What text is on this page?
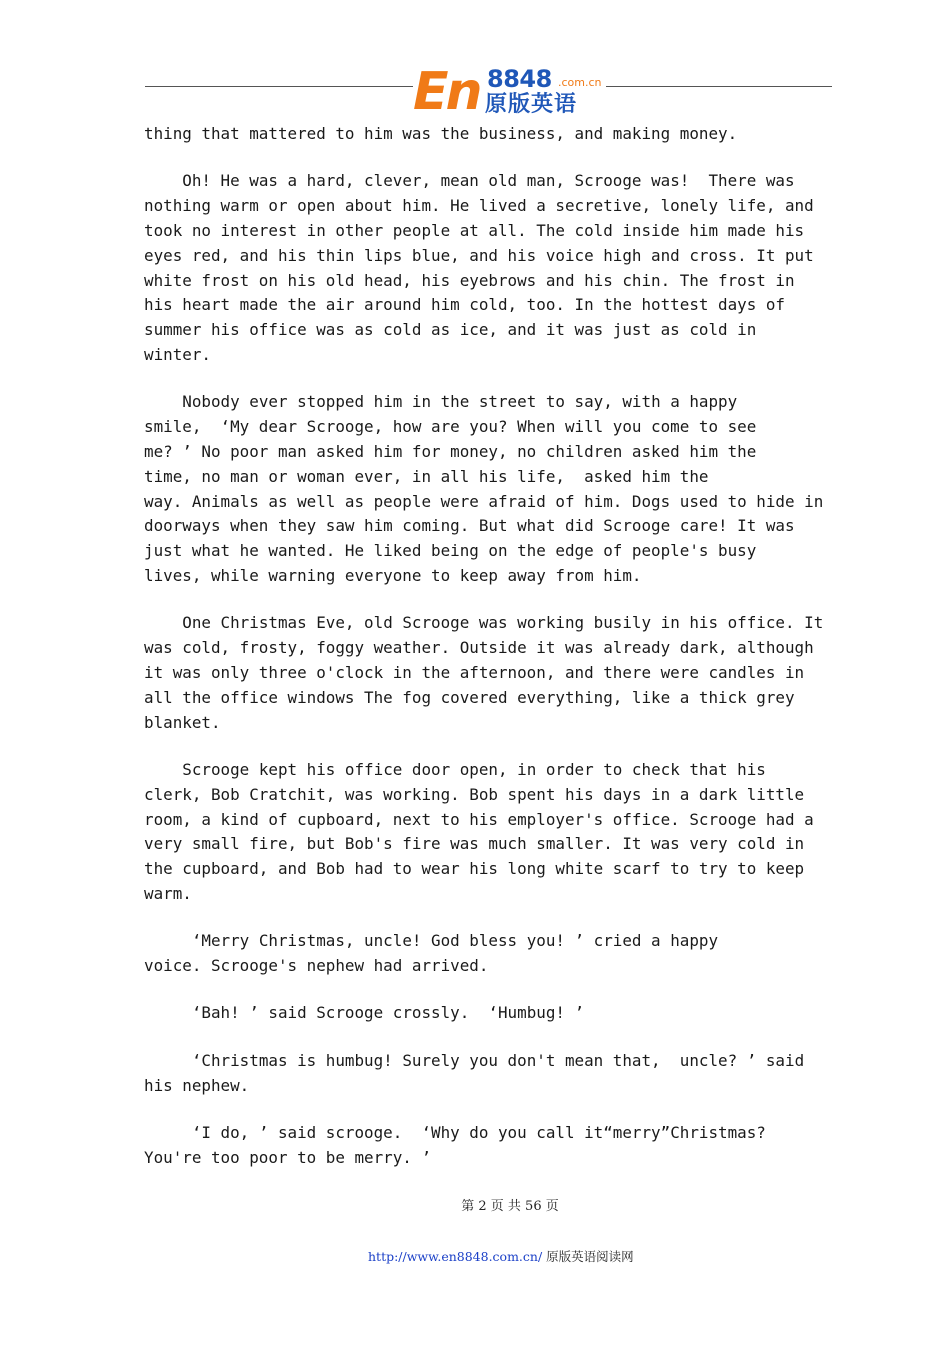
En 8848 .com.cn
原版英语

thing that mattered to him was the business, and making money.

Oh! He was a hard, clever, mean old man, Scrooge was!  There was
nothing warm or open about him. He lived a secretive, lonely life, and
took no interest in other people at all. The cold inside him made his
eyes red, and his thin lips blue, and his voice high and cross. It put
white frost on his old head, his eyebrows and his chin. The frost in
his heart made the air around him cold, too. In the hottest days of
summer his office was as cold as ice, and it was just as cold in
winter.

Nobody ever stopped him in the street to say, with a happy
smile,  ‘My dear Scrooge, how are you? When will you come to see
me? ’ No poor man asked him for money, no children asked him the
time, no man or woman ever, in all his life,  asked him the
way. Animals as well as people were afraid of him. Dogs used to hide in
doorways when they saw him coming. But what did Scrooge care! It was
just what he wanted. He liked being on the edge of people's busy
lives, while warning everyone to keep away from him.

One Christmas Eve, old Scrooge was working busily in his office. It
was cold, frosty, foggy weather. Outside it was already dark, although
it was only three o'clock in the afternoon, and there were candles in
all the office windows The fog covered everything, like a thick grey
blanket.

Scrooge kept his office door open, in order to check that his
clerk, Bob Cratchit, was working. Bob spent his days in a dark little
room, a kind of cupboard, next to his employer's office. Scrooge had a
very small fire, but Bob's fire was much smaller. It was very cold in
the cupboard, and Bob had to wear his long white scarf to try to keep
warm.

‘Merry Christmas, uncle! God bless you! ’ cried a happy
voice. Scrooge's nephew had arrived.

‘Bah! ’ said Scrooge crossly.  ‘Humbug! ’

‘Christmas is humbug! Surely you don't mean that,  uncle? ’ said
his nephew.

‘I do, ’ said scrooge.  ‘Why do you call it“merry”Christmas?
You're too poor to be merry. ’

第 2 页 共 56 页
http://www.en8848.com.cn/ 原版英语阅读网
